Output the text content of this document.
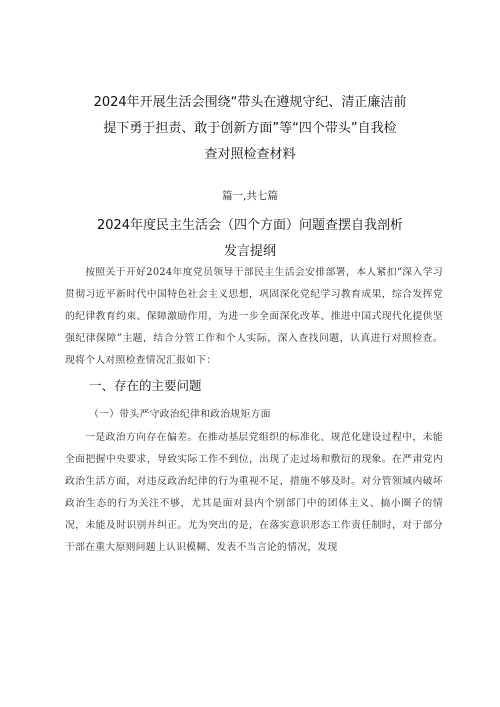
2024年开展生活会围绕“带头在遵规守纪、清正廉洁前
提下勇于担责、敢于创新方面”等“四个带头”自我检
查对照检查材料
篇一,共七篇
2024年度民主生活会（四个方面）问题查摆自我剖析
发言提纲
按照关于开好2024年度党员领导干部民主生活会安排部署，本人紧扣“深入学习贯彻习近平新时代中国特色社会主义思想，巩固深化党纪学习教育成果，综合发挥党的纪律教育约束、保障激励作用，为进一步全面深化改革、推进中国式现代化提供坚强纪律保障”主题，结合分管工作和个人实际，深入查找问题，认真进行对照检查。现将个人对照检查情况汇报如下：
一、存在的主要问题
（一）带头严守政治纪律和政治规矩方面
一是政治方向存在偏差。在推动基层党组织的标准化、规范化建设过程中，未能全面把握中央要求，导致实际工作不到位，出现了走过场和敷衍的现象。在严肃党内政治生活方面，对违反政治纪律的行为重视不足，措施不够及时。对分管领域内破坏政治生态的行为关注不够，尤其是面对县内个别部门中的团体主义、搞小圈子的情况，未能及时识别并纠正。尤为突出的是，在落实意识形态工作责任制时，对于部分干部在重大原则问题上认识模糊、发表不当言论的情况，发现
